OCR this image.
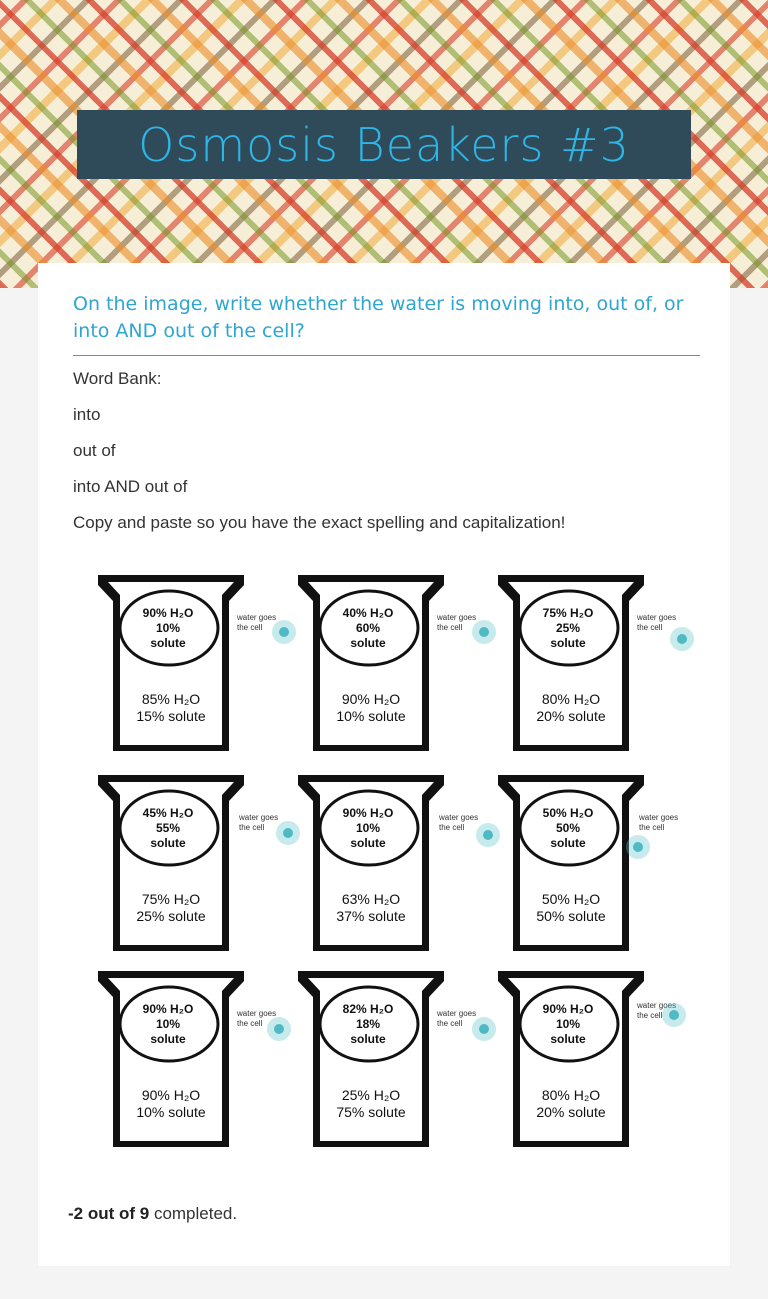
Osmosis Beakers #3
On the image, write whether the water is moving into, out of, or into AND out of the cell?
Word Bank:
into
out of
into AND out of
Copy and paste so you have the exact spelling and capitalization!
90% H₂O
10%
solute
85% H₂O
15% solute
water goes
the cell
40% H₂O
60%
solute
90% H₂O
10% solute
water goes
the cell
75% H₂O
25%
solute
80% H₂O
20% solute
water goes
the cell
45% H₂O
55%
solute
75% H₂O
25% solute
water goes
the cell
90% H₂O
10%
solute
63% H₂O
37% solute
water goes
the cell
50% H₂O
50%
solute
50% H₂O
50% solute
water goes
the cell
90% H₂O
10%
solute
90% H₂O
10% solute
water goes
the cell
82% H₂O
18%
solute
25% H₂O
75% solute
water goes
the cell
90% H₂O
10%
solute
80% H₂O
20% solute
water goes
the cell
-2 out of 9 completed.
